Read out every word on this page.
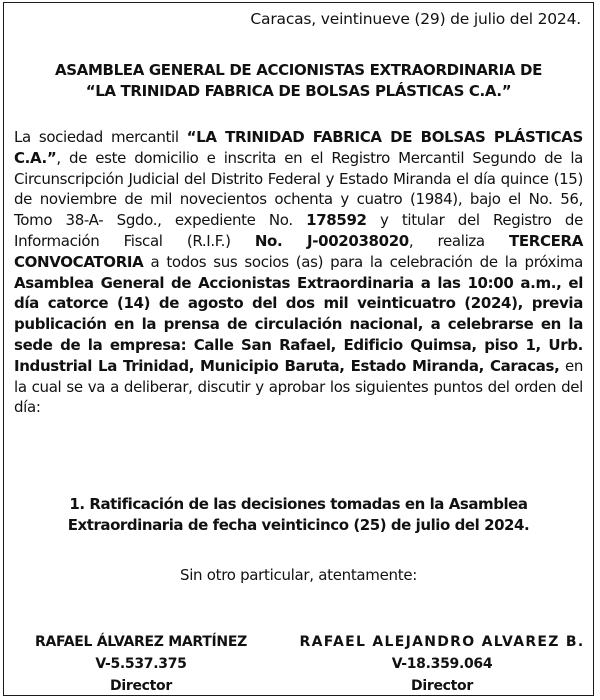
Caracas, veintinueve (29) de julio del 2024.
ASAMBLEA GENERAL DE ACCIONISTAS EXTRAORDINARIA DE
“LA TRINIDAD FABRICA DE BOLSAS PLÁSTICAS C.A.”
La sociedad mercantil “LA TRINIDAD FABRICA DE BOLSAS PLÁSTICAS C.A.”, de este domicilio e inscrita en el Registro Mercantil Segundo de la Circunscripción Judicial del Distrito Federal y Estado Miranda el día quince (15) de noviembre de mil novecientos ochenta y cuatro (1984), bajo el No. 56, Tomo 38-A- Sgdo., expediente No. 178592 y titular del Registro de Información Fiscal (R.I.F.) No. J-002038020, realiza TERCERA CONVOCATORIA a todos sus socios (as) para la celebración de la próxima Asamblea General de Accionistas Extraordinaria a las 10:00 a.m., el día catorce (14) de agosto del dos mil veinticuatro (2024), previa publicación en la prensa de circulación nacional, a celebrarse en la sede de la empresa: Calle San Rafael, Edificio Quimsa, piso 1, Urb. Industrial La Trinidad, Municipio Baruta, Estado Miranda, Caracas, en la cual se va a deliberar, discutir y aprobar los siguientes puntos del orden del día:
1. Ratificación de las decisiones tomadas en la Asamblea
Extraordinaria de fecha veinticinco (25) de julio del 2024.
Sin otro particular, atentamente:
RAFAEL ÁLVAREZ MARTÍNEZ
V-5.537.375
Director
RAFAEL ALEJANDRO ALVAREZ B.
V-18.359.064
Director
